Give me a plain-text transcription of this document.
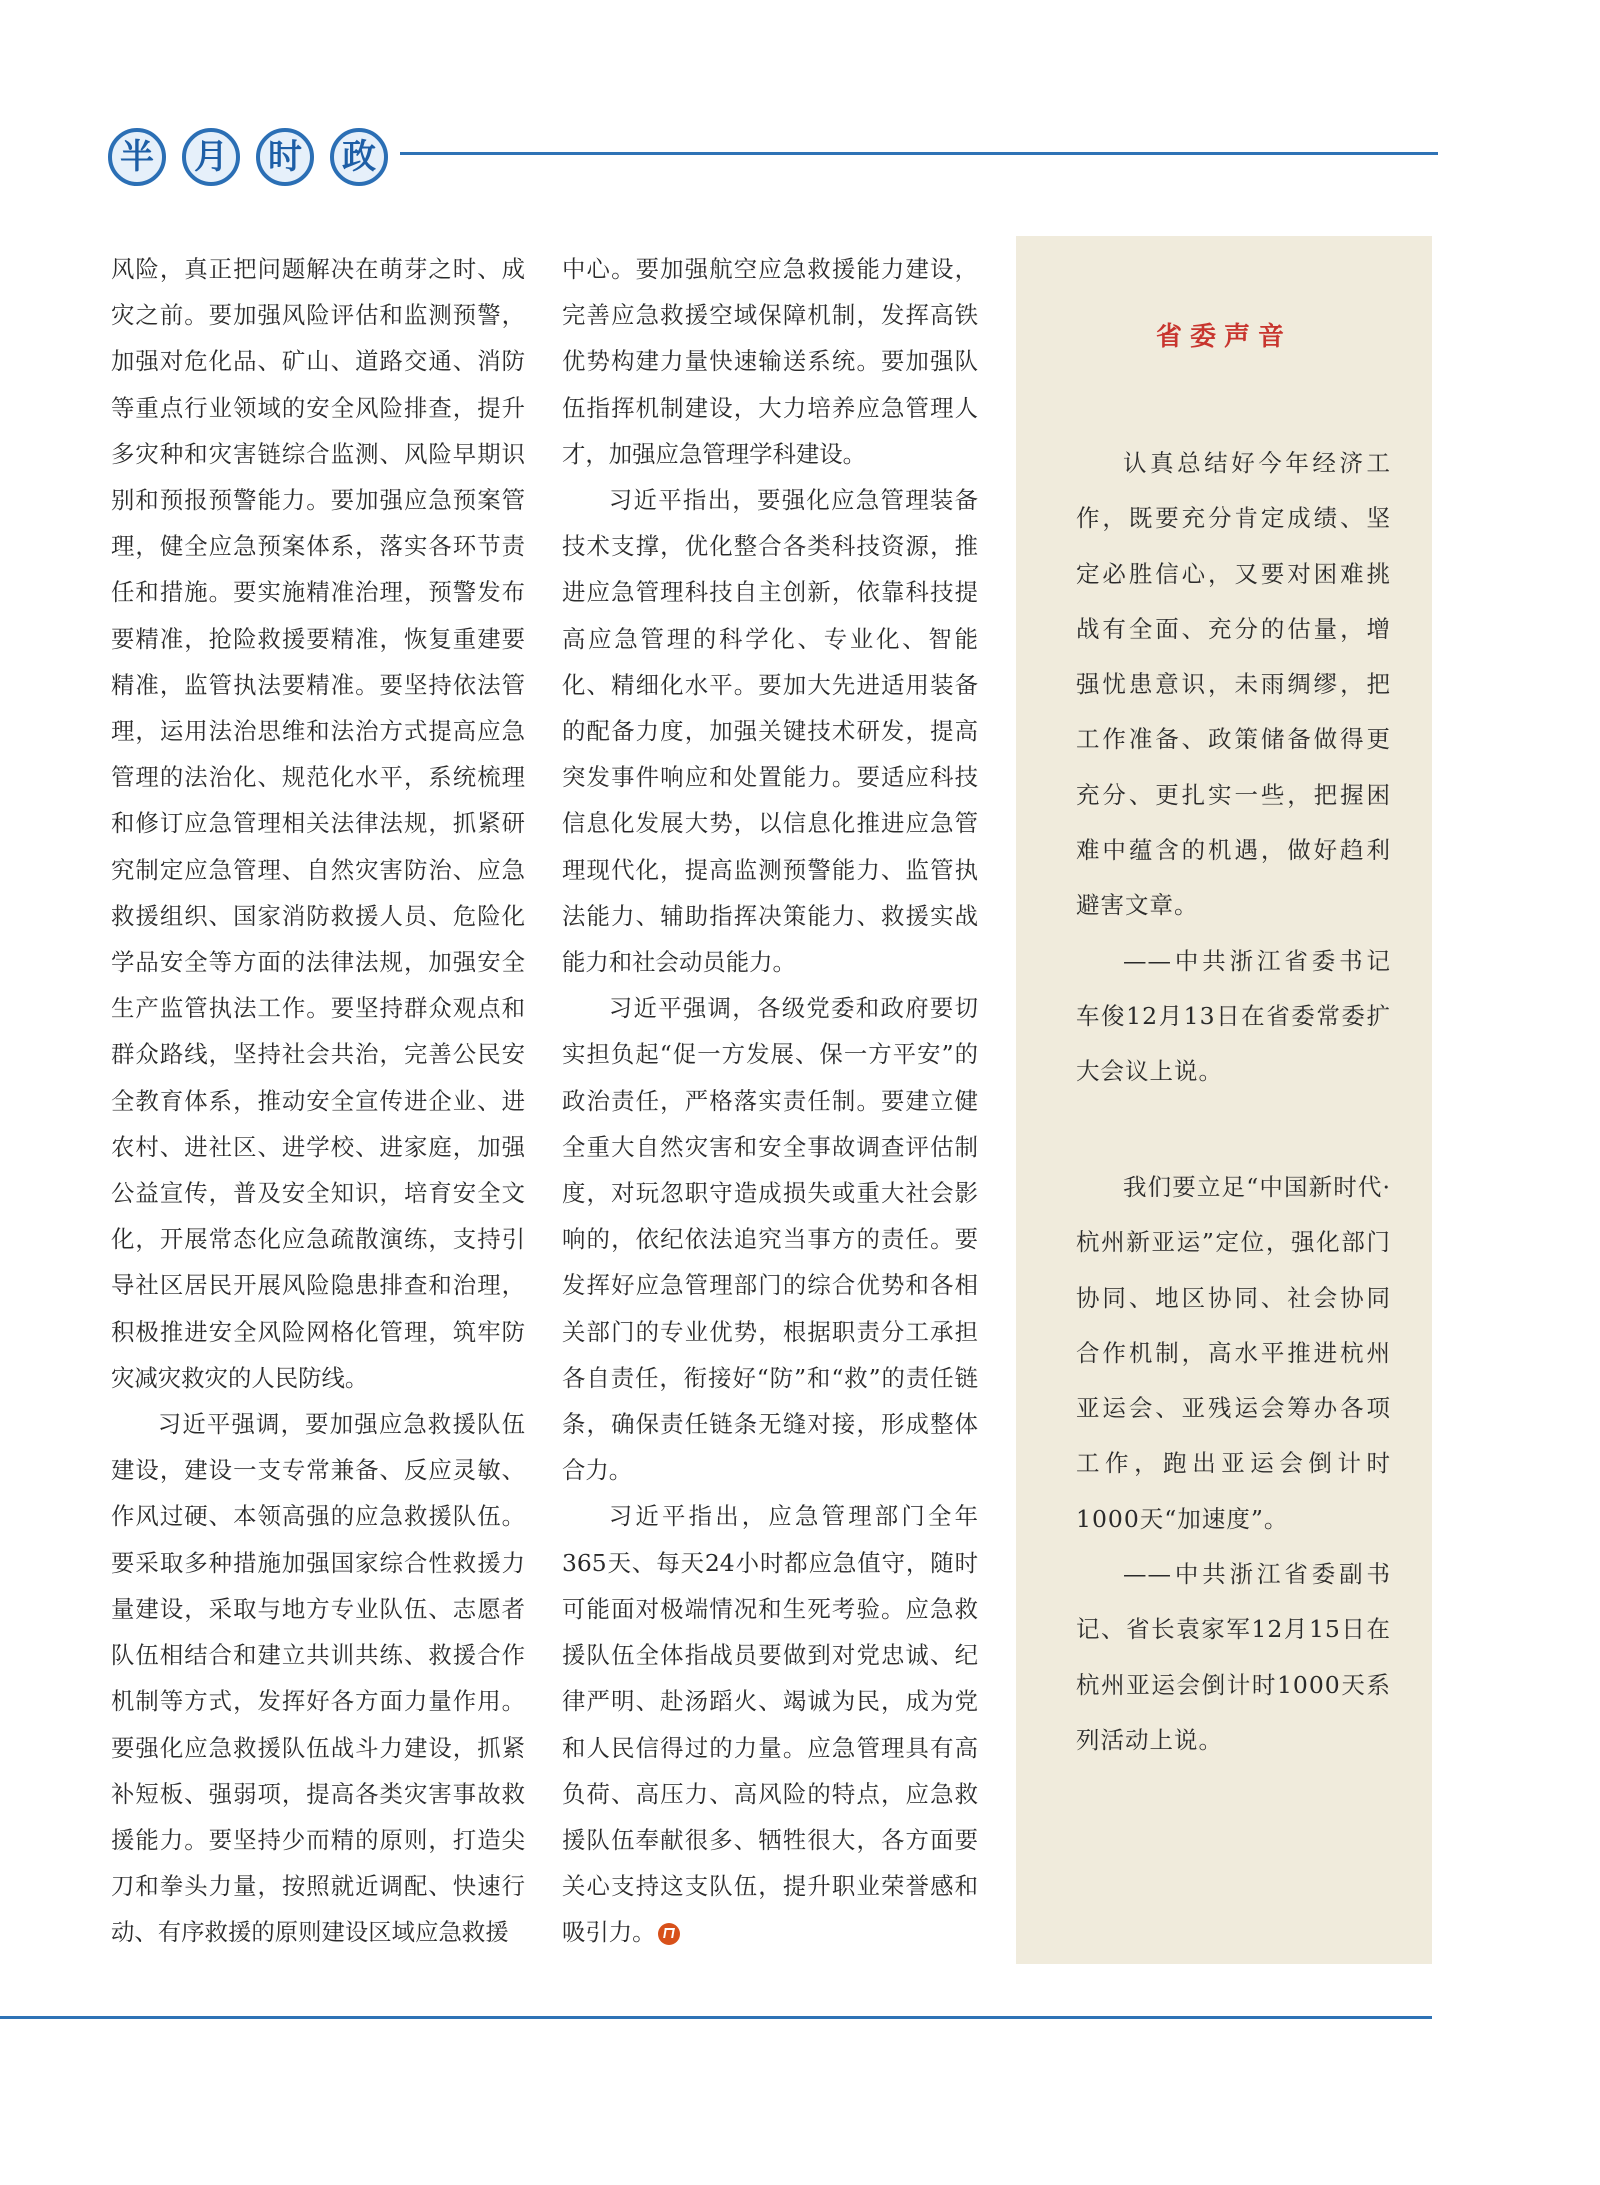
半	月	时	政

风险，真正把问题解决在萌芽之时、成灾之前。要加强风险评估和监测预警，加强对危化品、矿山、道路交通、消防等重点行业领域的安全风险排查，提升多灾种和灾害链综合监测、风险早期识别和预报预警能力。要加强应急预案管理，健全应急预案体系，落实各环节责任和措施。要实施精准治理，预警发布要精准，抢险救援要精准，恢复重建要精准，监管执法要精准。要坚持依法管理，运用法治思维和法治方式提高应急管理的法治化、规范化水平，系统梳理和修订应急管理相关法律法规，抓紧研究制定应急管理、自然灾害防治、应急救援组织、国家消防救援人员、危险化学品安全等方面的法律法规，加强安全生产监管执法工作。要坚持群众观点和群众路线，坚持社会共治，完善公民安全教育体系，推动安全宣传进企业、进农村、进社区、进学校、进家庭，加强公益宣传，普及安全知识，培育安全文化，开展常态化应急疏散演练，支持引导社区居民开展风险隐患排查和治理，积极推进安全风险网格化管理，筑牢防灾减灾救灾的人民防线。

习近平强调，要加强应急救援队伍建设，建设一支专常兼备、反应灵敏、作风过硬、本领高强的应急救援队伍。要采取多种措施加强国家综合性救援力量建设，采取与地方专业队伍、志愿者队伍相结合和建立共训共练、救援合作机制等方式，发挥好各方面力量作用。要强化应急救援队伍战斗力建设，抓紧补短板、强弱项，提高各类灾害事故救援能力。要坚持少而精的原则，打造尖刀和拳头力量，按照就近调配、快速行动、有序救援的原则建设区域应急救援

中心。要加强航空应急救援能力建设，完善应急救援空域保障机制，发挥高铁优势构建力量快速输送系统。要加强队伍指挥机制建设，大力培养应急管理人才，加强应急管理学科建设。

习近平指出，要强化应急管理装备技术支撑，优化整合各类科技资源，推进应急管理科技自主创新，依靠科技提高应急管理的科学化、专业化、智能化、精细化水平。要加大先进适用装备的配备力度，加强关键技术研发，提高突发事件响应和处置能力。要适应科技信息化发展大势，以信息化推进应急管理现代化，提高监测预警能力、监管执法能力、辅助指挥决策能力、救援实战能力和社会动员能力。

习近平强调，各级党委和政府要切实担负起“促一方发展、保一方平安”的政治责任，严格落实责任制。要建立健全重大自然灾害和安全事故调查评估制度，对玩忽职守造成损失或重大社会影响的，依纪依法追究当事方的责任。要发挥好应急管理部门的综合优势和各相关部门的专业优势，根据职责分工承担各自责任，衔接好“防”和“救”的责任链条，确保责任链条无缝对接，形成整体合力。

习近平指出，应急管理部门全年365天、每天24小时都应急值守，随时可能面对极端情况和生死考验。应急救援队伍全体指战员要做到对党忠诚、纪律严明、赴汤蹈火、竭诚为民，成为党和人民信得过的力量。应急管理具有高负荷、高压力、高风险的特点，应急救援队伍奉献很多、牺牲很大，各方面要关心支持这支队伍，提升职业荣誉感和吸引力。

省委声音

认真总结好今年经济工作，既要充分肯定成绩、坚定必胜信心，又要对困难挑战有全面、充分的估量，增强忧患意识，未雨绸缪，把工作准备、政策储备做得更充分、更扎实一些，把握困难中蕴含的机遇，做好趋利避害文章。

——中共浙江省委书记车俊12月13日在省委常委扩大会议上说。

我们要立足“中国新时代·杭州新亚运”定位，强化部门协同、地区协同、社会协同合作机制，高水平推进杭州亚运会、亚残运会筹办各项工作，跑出亚运会倒计时1000天“加速度”。

——中共浙江省委副书记、省长袁家军12月15日在杭州亚运会倒计时1000天系列活动上说。
